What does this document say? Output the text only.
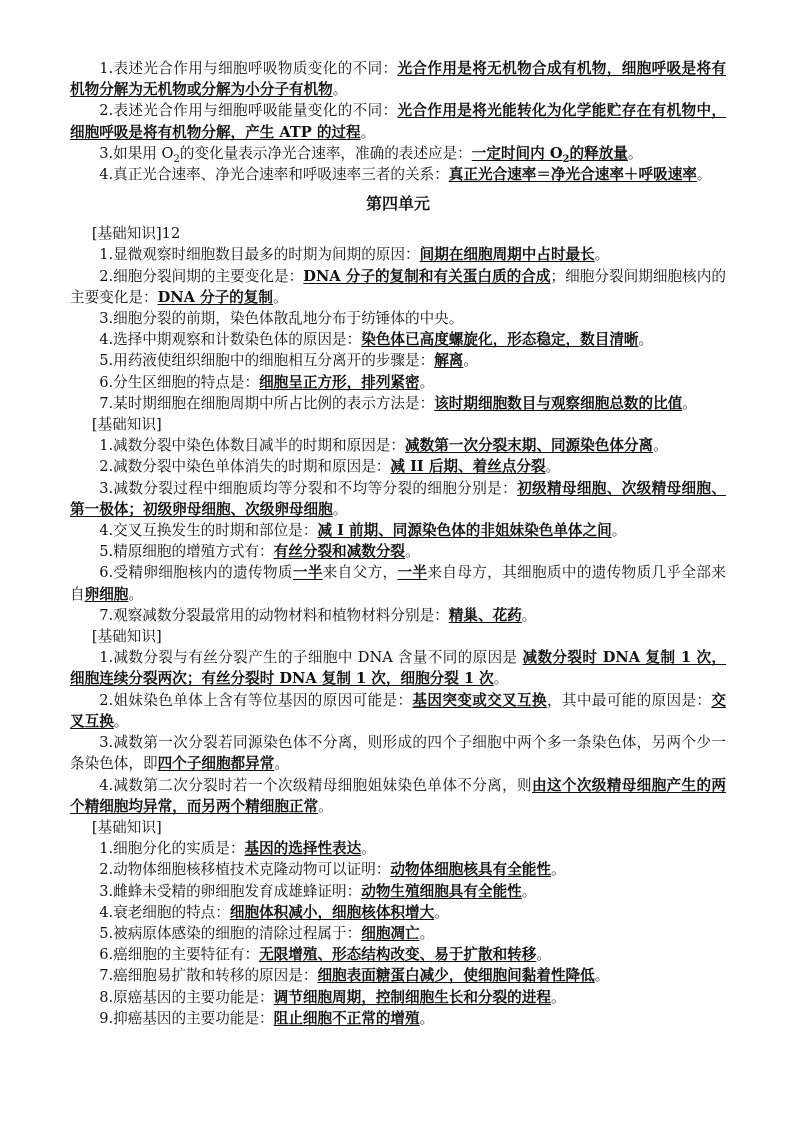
1.表述光合作用与细胞呼吸物质变化的不同：光合作用是将无机物合成有机物，细胞呼吸是将有机物分解为无机物或分解为小分子有机物。

2.表述光合作用与细胞呼吸能量变化的不同：光合作用是将光能转化为化学能贮存在有机物中，细胞呼吸是将有机物分解，产生 ATP 的过程。

3.如果用 $O_2$的变化量表示净光合速率，准确的表述应是：一定时间内 $O_2$的释放量。

4.真正光合速率、净光合速率和呼吸速率三者的关系：真正光合速率＝净光合速率＋呼吸速率。

第四单元

[基础知识]12

1.显微观察时细胞数目最多的时期为间期的原因：间期在细胞周期中占时最长。

2.细胞分裂间期的主要变化是：DNA 分子的复制和有关蛋白质的合成；细胞分裂间期细胞核内的主要变化是：DNA 分子的复制。

3.细胞分裂的前期，染色体散乱地分布于纺锤体的中央。

4.选择中期观察和计数染色体的原因是：染色体已高度螺旋化，形态稳定，数目清晰。

5.用药液使组织细胞中的细胞相互分离开的步骤是：解离。

6.分生区细胞的特点是：细胞呈正方形，排列紧密。

7.某时期细胞在细胞周期中所占比例的表示方法是：该时期细胞数目与观察细胞总数的比值。

[基础知识]

1.减数分裂中染色体数目减半的时期和原因是：减数第一次分裂末期、同源染色体分离。

2.减数分裂中染色单体消失的时期和原因是：减 II 后期、着丝点分裂。

3.减数分裂过程中细胞质均等分裂和不均等分裂的细胞分别是：初级精母细胞、次级精母细胞、第一极体；初级卵母细胞、次级卵母细胞。

4.交叉互换发生的时期和部位是：减 I 前期、同源染色体的非姐妹染色单体之间。

5.精原细胞的增殖方式有：有丝分裂和减数分裂。

6.受精卵细胞核内的遗传物质一半来自父方，一半来自母方，其细胞质中的遗传物质几乎全部来自卵细胞。

7.观察减数分裂最常用的动物材料和植物材料分别是：精巢、花药。

[基础知识]

1.减数分裂与有丝分裂产生的子细胞中 DNA 含量不同的原因是 减数分裂时 DNA 复制 1 次，细胞连续分裂两次；有丝分裂时 DNA 复制 1 次，细胞分裂 1 次。

2.姐妹染色单体上含有等位基因的原因可能是：基因突变或交叉互换，其中最可能的原因是：交叉互换。

3.减数第一次分裂若同源染色体不分离，则形成的四个子细胞中两个多一条染色体，另两个少一条染色体，即四个子细胞都异常。

4.减数第二次分裂时若一个次级精母细胞姐妹染色单体不分离，则由这个次级精母细胞产生的两个精细胞均异常，而另两个精细胞正常。

[基础知识]

1.细胞分化的实质是：基因的选择性表达。

2.动物体细胞核移植技术克隆动物可以证明：动物体细胞核具有全能性。

3.雌蜂未受精的卵细胞发育成雄蜂证明：动物生殖细胞具有全能性。

4.衰老细胞的特点：细胞体积减小，细胞核体积增大。

5.被病原体感染的细胞的清除过程属于：细胞凋亡。

6.癌细胞的主要特征有：无限增殖、形态结构改变、易于扩散和转移。

7.癌细胞易扩散和转移的原因是：细胞表面糖蛋白减少，使细胞间黏着性降低。

8.原癌基因的主要功能是：调节细胞周期，控制细胞生长和分裂的进程。

9.抑癌基因的主要功能是：阻止细胞不正常的增殖。
